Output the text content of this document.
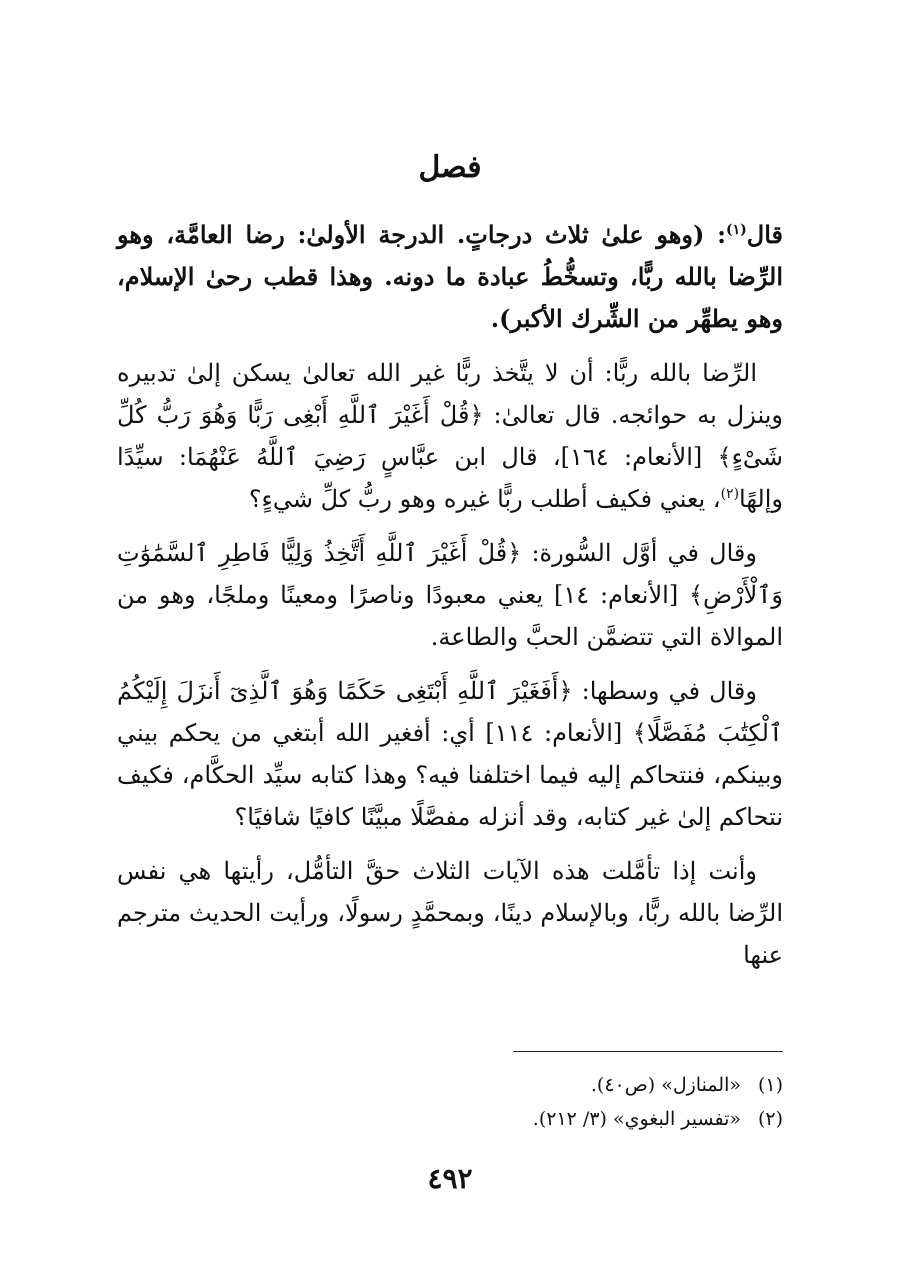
فصل

قال$^{(١)}$: (وهو علىٰ ثلاث درجاتٍ. الدرجة الأولىٰ: رضا العامَّة، وهو الرِّضا بالله ربًّا، وتسخُّطُ عبادة ما دونه. وهذا قطب رحىٰ الإسلام، وهو يطهِّر من الشِّرك الأكبر).

الرِّضا بالله ربًّا: أن لا يتَّخذ ربًّا غير الله تعالىٰ يسكن إلىٰ تدبيره وينزل به حوائجه. قال تعالىٰ: ﴿قُلْ أَغَيْرَ ٱللَّهِ أَبْغِى رَبًّا وَهُوَ رَبُّ كُلِّ شَىْءٍ﴾ [الأنعام: ١٦٤]، قال ابن عبَّاسٍ رَضِيَ ٱللَّهُ عَنْهُمَا: سيِّدًا وإلهًا$^{(٢)}$، يعني فكيف أطلب ربًّا غيره وهو ربُّ كلِّ شيءٍ؟

وقال في أوَّل السُّورة: ﴿قُلْ أَغَيْرَ ٱللَّهِ أَتَّخِذُ وَلِيًّا فَاطِرِ ٱلسَّمَٰوَٰتِ وَٱلْأَرْضِ﴾ [الأنعام: ١٤] يعني معبودًا وناصرًا ومعينًا وملجًا، وهو من الموالاة التي تتضمَّن الحبَّ والطاعة.

وقال في وسطها: ﴿أَفَغَيْرَ ٱللَّهِ أَبْتَغِى حَكَمًا وَهُوَ ٱلَّذِىٓ أَنزَلَ إِلَيْكُمُ ٱلْكِتَٰبَ مُفَصَّلًا﴾ [الأنعام: ١١٤] أي: أفغير الله أبتغي من يحكم بيني وبينكم، فنتحاكم إليه فيما اختلفنا فيه؟ وهذا كتابه سيِّد الحكَّام، فكيف نتحاكم إلىٰ غير كتابه، وقد أنزله مفصَّلًا مبيَّنًا كافيًا شافيًا؟

وأنت إذا تأمَّلت هذه الآيات الثلاث حقَّ التأمُّل، رأيتها هي نفس الرِّضا بالله ربًّا، وبالإسلام دينًا، وبمحمَّدٍ رسولًا، ورأيت الحديث مترجم عنها

(١)«المنازل» (ص٤٠).
(٢)«تفسير البغوي» (٣/ ٢١٢).
٤٩٢
